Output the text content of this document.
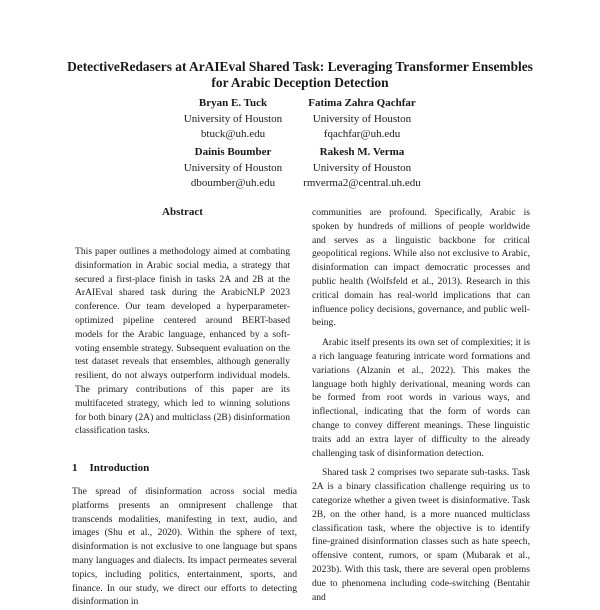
DetectiveRedasers at ArAIEval Shared Task: Leveraging Transformer Ensembles for Arabic Deception Detection
Bryan E. Tuck
University of Houston
btuck@uh.edu
Fatima Zahra Qachfar
University of Houston
fqachfar@uh.edu
Dainis Boumber
University of Houston
dboumber@uh.edu
Rakesh M. Verma
University of Houston
rmverma2@central.uh.edu
Abstract

This paper outlines a methodology aimed at combating disinformation in Arabic social media, a strategy that secured a first-place finish in tasks 2A and 2B at the ArAIEval shared task during the ArabicNLP 2023 conference. Our team developed a hyperparameter-optimized pipeline centered around BERT-based models for the Arabic language, enhanced by a soft-voting ensemble strategy. Subsequent evaluation on the test dataset reveals that ensembles, although generally resilient, do not always outperform individual models. The primary contributions of this paper are its multifaceted strategy, which led to winning solutions for both binary (2A) and multiclass (2B) disinformation classification tasks.

1 Introduction

The spread of disinformation across social media platforms presents an omnipresent challenge that transcends modalities, manifesting in text, audio, and images (Shu et al., 2020). Within the sphere of text, disinformation is not exclusive to one language but spans many languages and dialects. Its impact permeates several topics, including politics, entertainment, sports, and finance. In our study, we direct our efforts to detecting disinformation in

communities are profound. Specifically, Arabic is spoken by hundreds of millions of people worldwide and serves as a linguistic backbone for critical geopolitical regions. While also not exclusive to Arabic, disinformation can impact democratic processes and public health (Wolfsfeld et al., 2013). Research in this critical domain has real-world implications that can influence policy decisions, governance, and public well-being.

Arabic itself presents its own set of complexities; it is a rich language featuring intricate word formations and variations (Alzanin et al., 2022). This makes the language both highly derivational, meaning words can be formed from root words in various ways, and inflectional, indicating that the form of words can change to convey different meanings. These linguistic traits add an extra layer of difficulty to the already challenging task of disinformation detection.

Shared task 2 comprises two separate sub-tasks. Task 2A is a binary classification challenge requiring us to categorize whether a given tweet is disinformative. Task 2B, on the other hand, is a more nuanced multiclass classification task, where the objective is to identify fine-grained disinformation classes such as hate speech, offensive content, rumors, or spam (Mubarak et al., 2023b). With this task, there are several open problems due to phenomena including code-switching (Bentahir and
